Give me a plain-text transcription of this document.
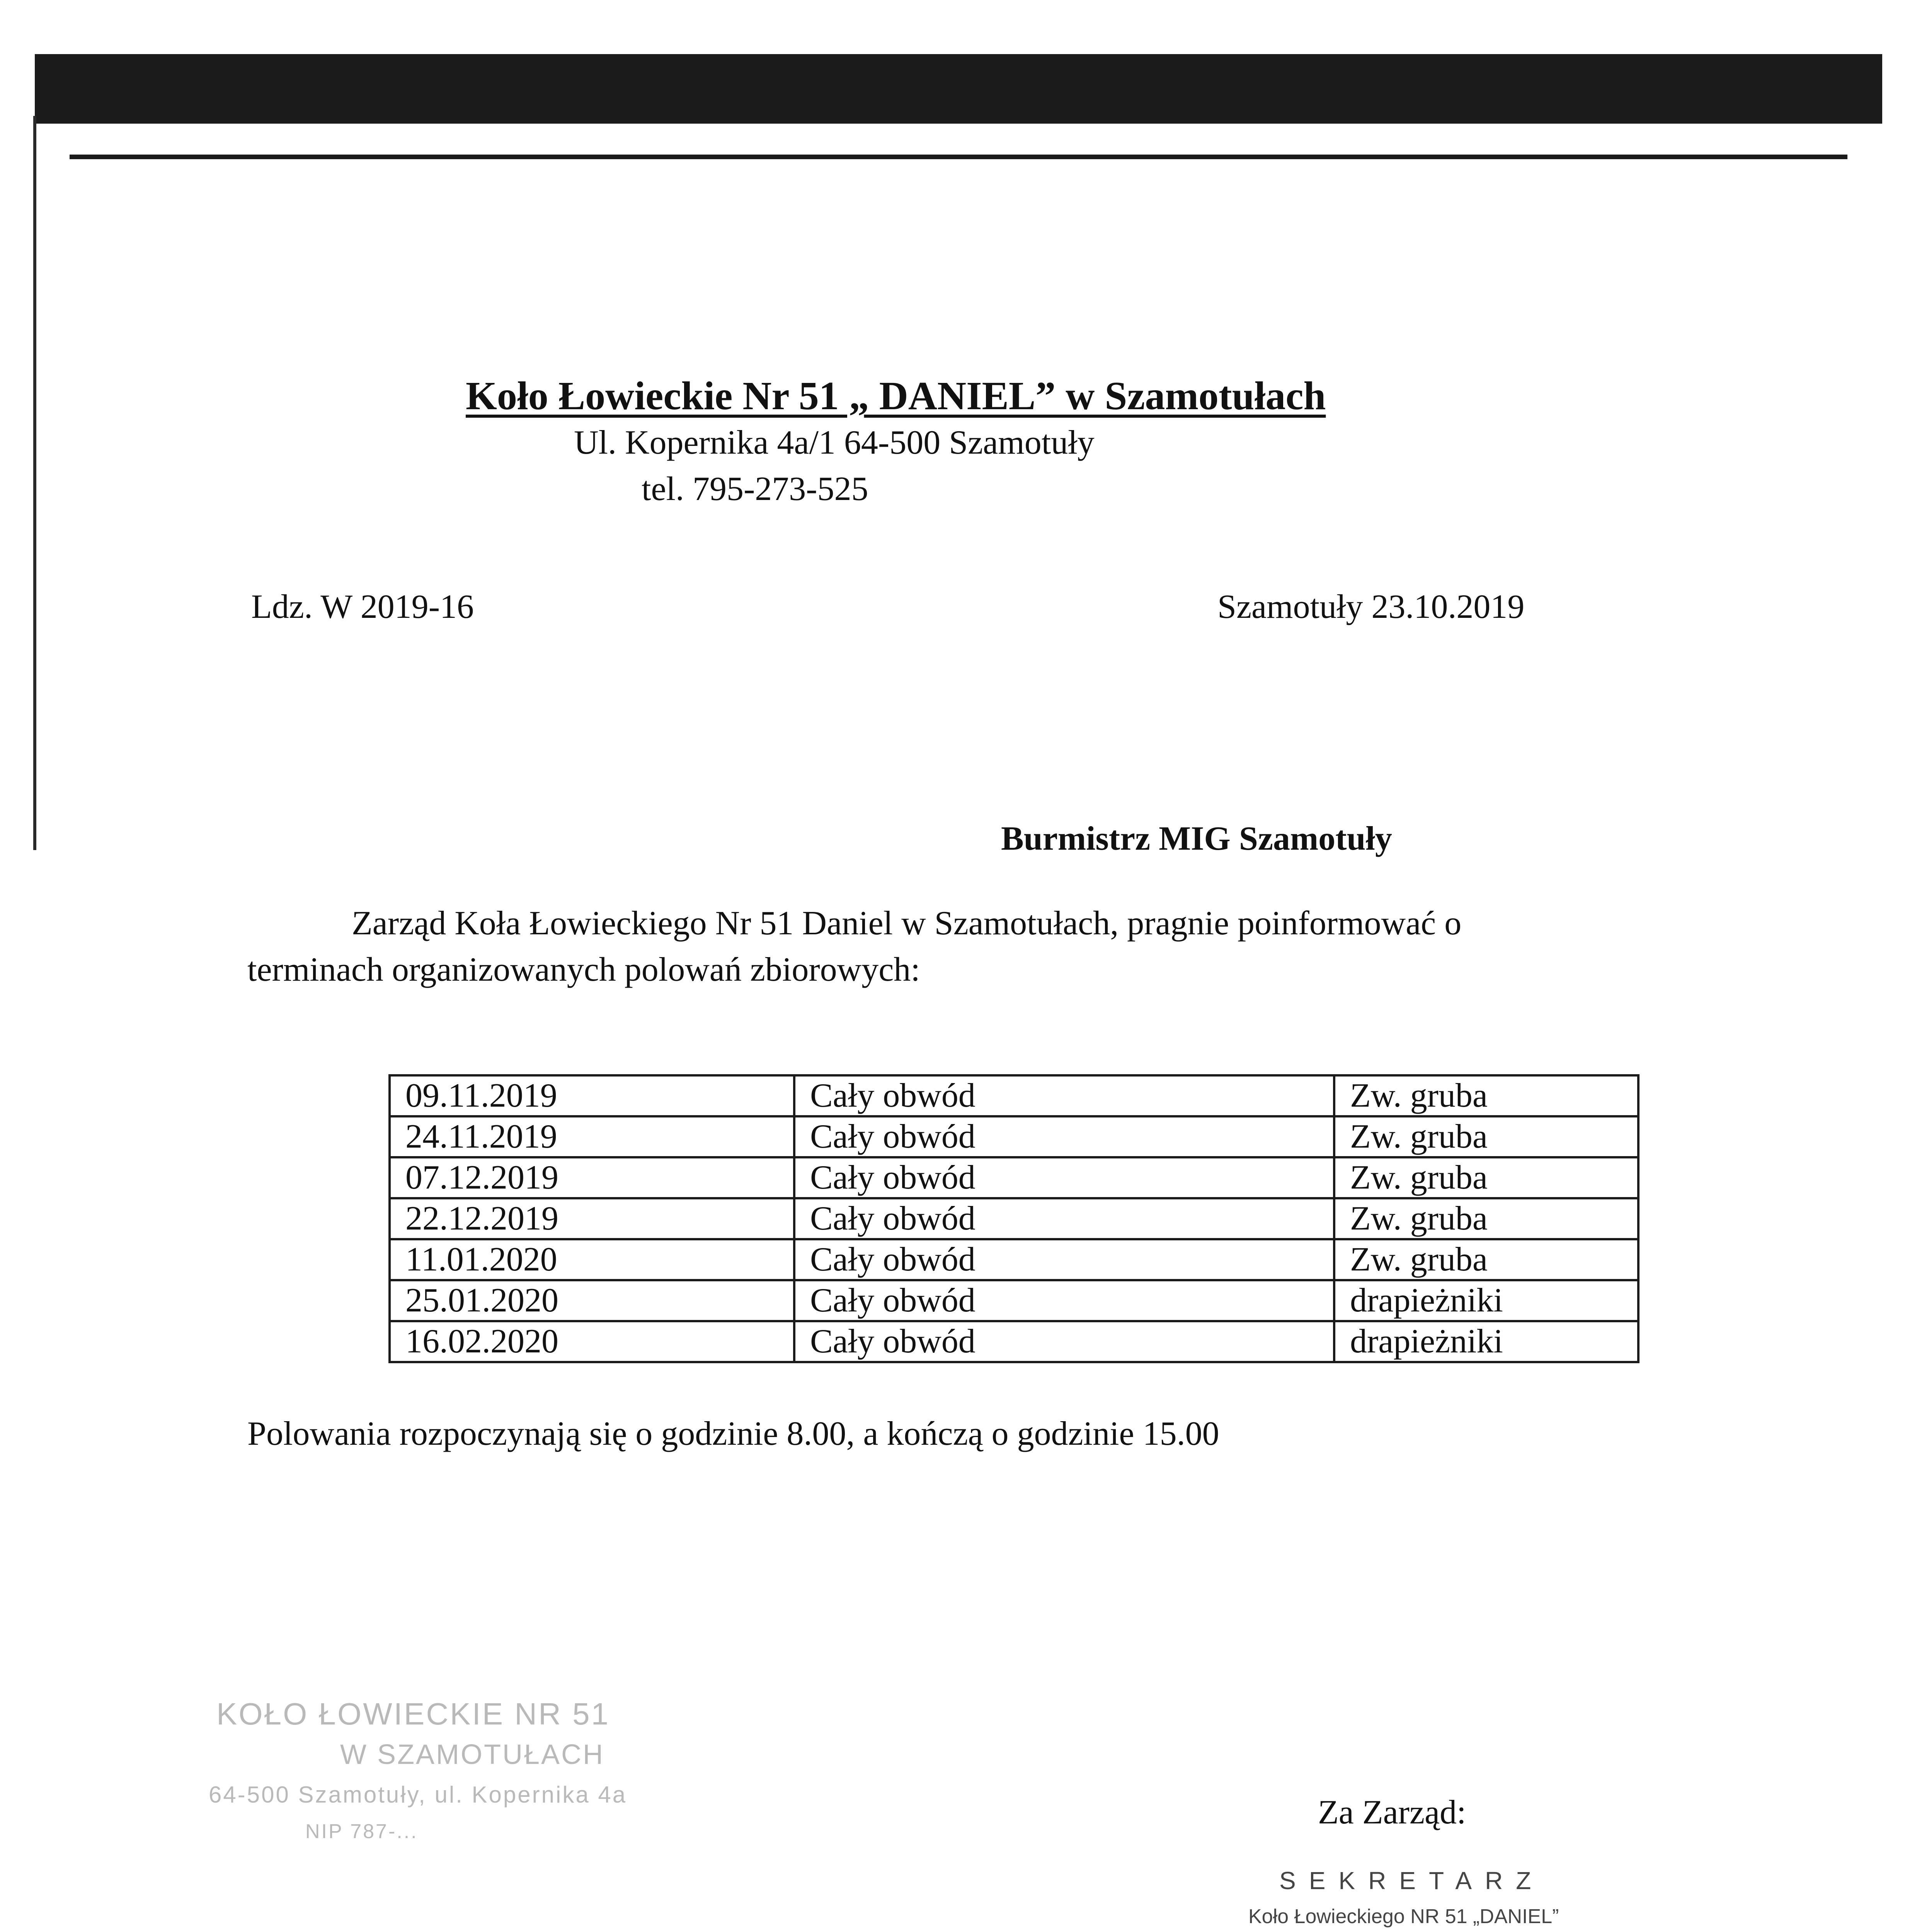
Koło Łowieckie Nr 51 „ DANIEL” w Szamotułach
Ul. Kopernika 4a/1 64-500 Szamotuły
tel. 795-273-525
Ldz. W 2019-16	Szamotuły 23.10.2019
Burmistrz MIG Szamotuły
Zarząd Koła Łowieckiego Nr 51 Daniel w Szamotułach, pragnie poinformować o terminach organizowanych polowań zbiorowych:
09.11.2019	Cały obwód	Zw. gruba
24.11.2019	Cały obwód	Zw. gruba
07.12.2019	Cały obwód	Zw. gruba
22.12.2019	Cały obwód	Zw. gruba
11.01.2020	Cały obwód	Zw. gruba
25.01.2020	Cały obwód	drapieżniki
16.02.2020	Cały obwód	drapieżniki
Polowania rozpoczynają się o godzinie 8.00, a kończą o godzinie 15.00
KOŁO ŁOWIECKIE NR 51
W SZAMOTUŁACH
64-500 Szamotuły, ul. Kopernika 4a
NIP 787-...
Za Zarząd:
SEKRETARZ
Koło Łowieckiego NR 51 „DANIEL”
